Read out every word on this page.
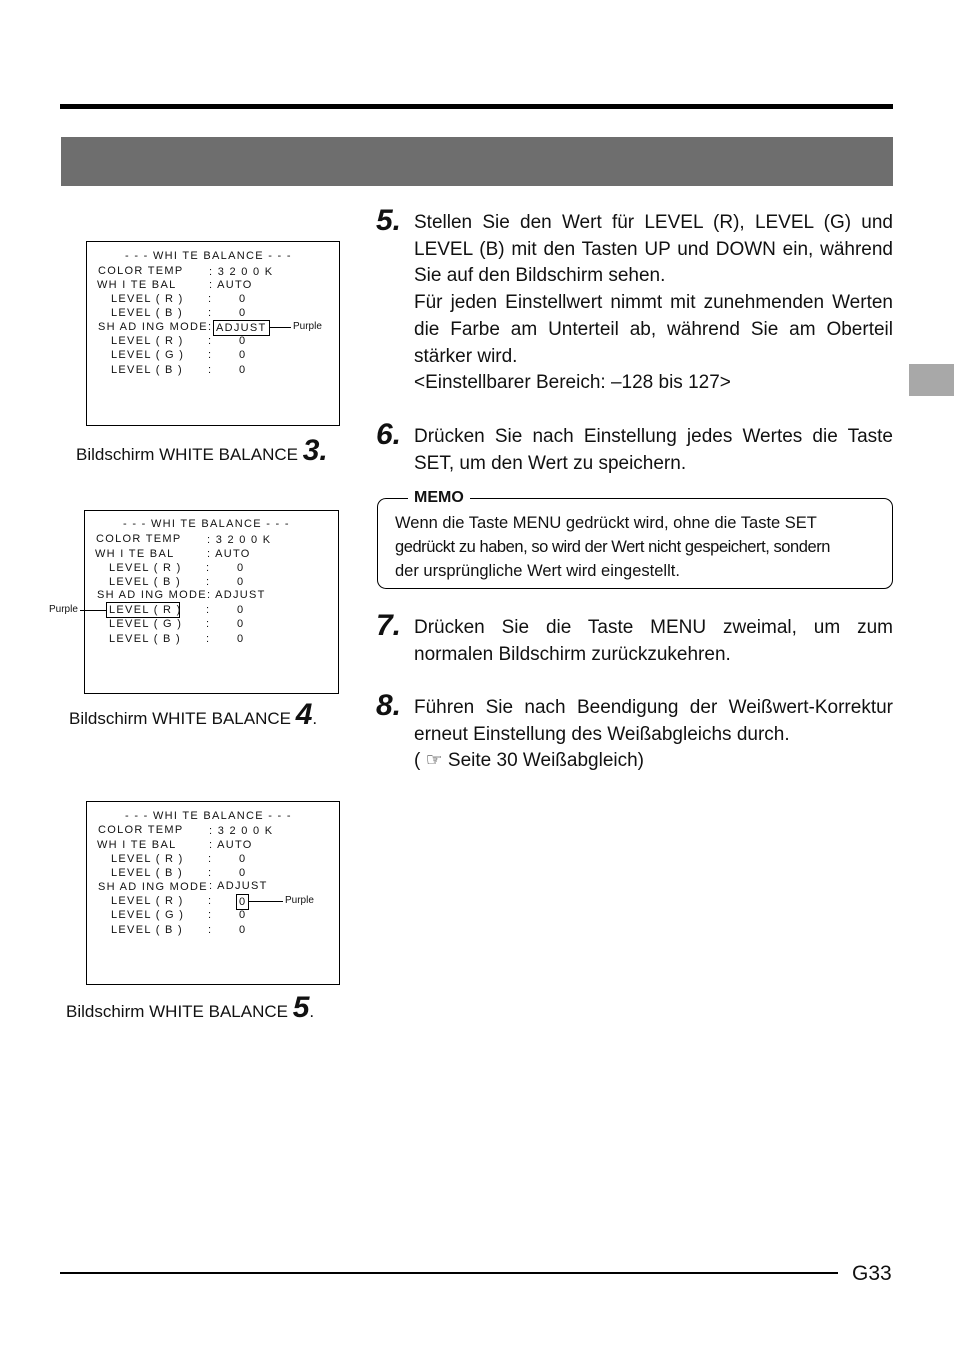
- - - WHI TE BALANCE - - -
COLOR TEMP : 3 2 0 0 K
WH I TE BAL	: AUTO
LEVEL ( R ) : 0
LEVEL ( B ) : 0
SH AD ING MODE : ADJUST	Purple
LEVEL ( R ) : 0
LEVEL ( G ) : 0
LEVEL ( B ) : 0
Bildschirm WHITE BALANCE 3.
- - - WHI TE BALANCE - - -
COLOR TEMP : 3 2 0 0 K
WH I TE BAL	: AUTO
LEVEL ( R ) : 0
LEVEL ( B ) : 0
SH AD ING MODE : ADJUST
LEVEL ( R ) : 0
LEVEL ( G ) : 0
LEVEL ( B ) : 0
Purple
Bildschirm WHITE BALANCE 4.
- - - WHI TE BALANCE - - -
COLOR TEMP : 3 2 0 0 K
WH I TE BAL	: AUTO
LEVEL ( R ) : 0
LEVEL ( B ) : 0
SH AD ING MODE : ADJUST
LEVEL ( R ) : 0	Purple
LEVEL ( G ) : 0
LEVEL ( B ) : 0
Bildschirm WHITE BALANCE 5.
5. Stellen Sie den Wert für LEVEL (R), LEVEL (G) und
LEVEL (B) mit den Tasten UP und DOWN ein, während
Sie auf den Bildschirm sehen.
Für jeden Einstellwert nimmt mit zunehmenden Werten
die Farbe am Unterteil ab, während Sie am Oberteil
stärker wird.
<Einstellbarer Bereich: –128 bis 127>
6. Drücken Sie nach Einstellung jedes Wertes die Taste
SET, um den Wert zu speichern.
MEMO
Wenn die Taste MENU gedrückt wird, ohne die Taste SET
gedrückt zu haben, so wird der Wert nicht gespeichert, sondern
der ursprüngliche Wert wird eingestellt.
7. Drücken Sie die Taste MENU zweimal, um zum
normalen Bildschirm zurückzukehren.
8. Führen Sie nach Beendigung der Weißwert-Korrektur
erneut Einstellung des Weißabgleichs durch.
( ☞ Seite 30 Weißabgleich)
G33
